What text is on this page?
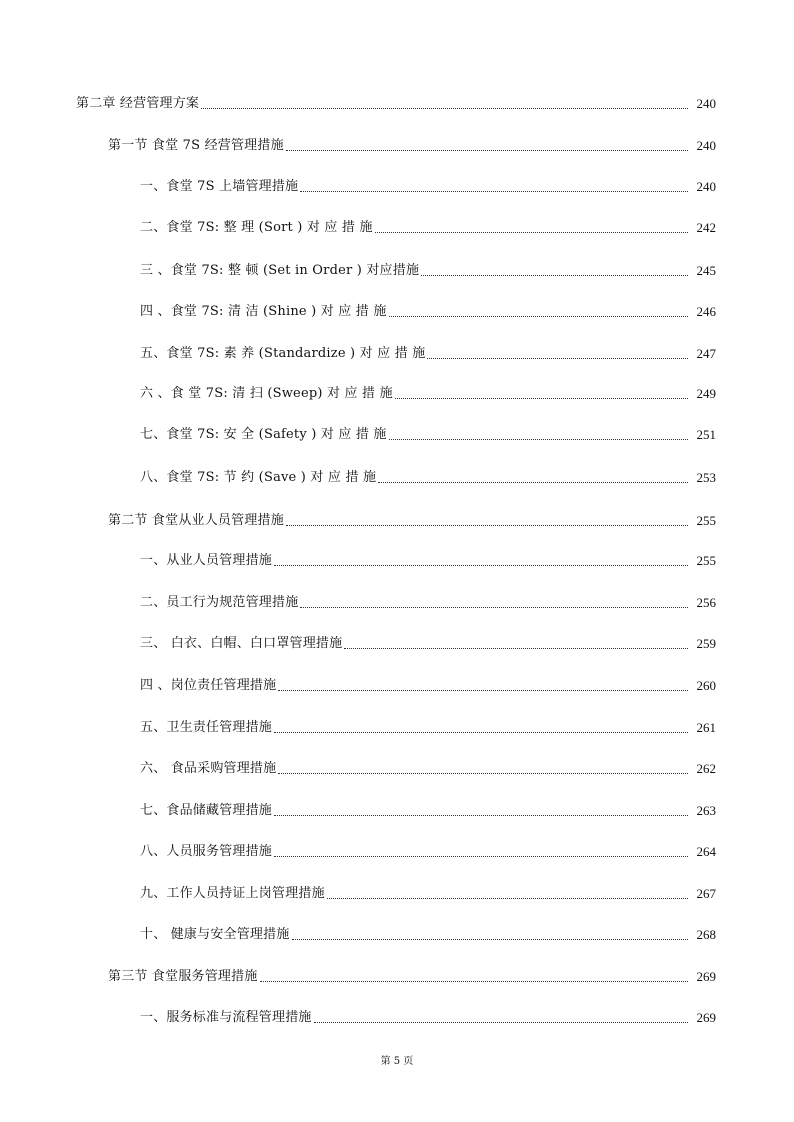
第二章 经营管理方案	240
第一节 食堂 7S 经营管理措施	240
一、食堂 7S 上墙管理措施	240
二、食堂 7S: 整 理 (Sort ) 对 应 措 施	242
三 、食堂 7S: 整 顿 (Set in Order ) 对应措施	245
四 、食堂 7S: 清 洁 (Shine ) 对 应 措 施	246
五、食堂 7S: 素 养 (Standardize ) 对 应 措 施	247
六 、食 堂 7S: 清 扫 (Sweep) 对 应 措 施	249
七、食堂 7S: 安 全 (Safety ) 对 应 措 施	251
八、食堂 7S: 节 约 (Save ) 对 应 措 施	253
第二节 食堂从业人员管理措施	255
一、从业人员管理措施	255
二、员工行为规范管理措施	256
三、 白衣、白帽、白口罩管理措施	259
四 、岗位责任管理措施	260
五、卫生责任管理措施	261
六、 食品采购管理措施	262
七、食品储藏管理措施	263
八、人员服务管理措施	264
九、工作人员持证上岗管理措施	267
十、 健康与安全管理措施	268
第三节 食堂服务管理措施	269
一、服务标准与流程管理措施	269
第 5 页
